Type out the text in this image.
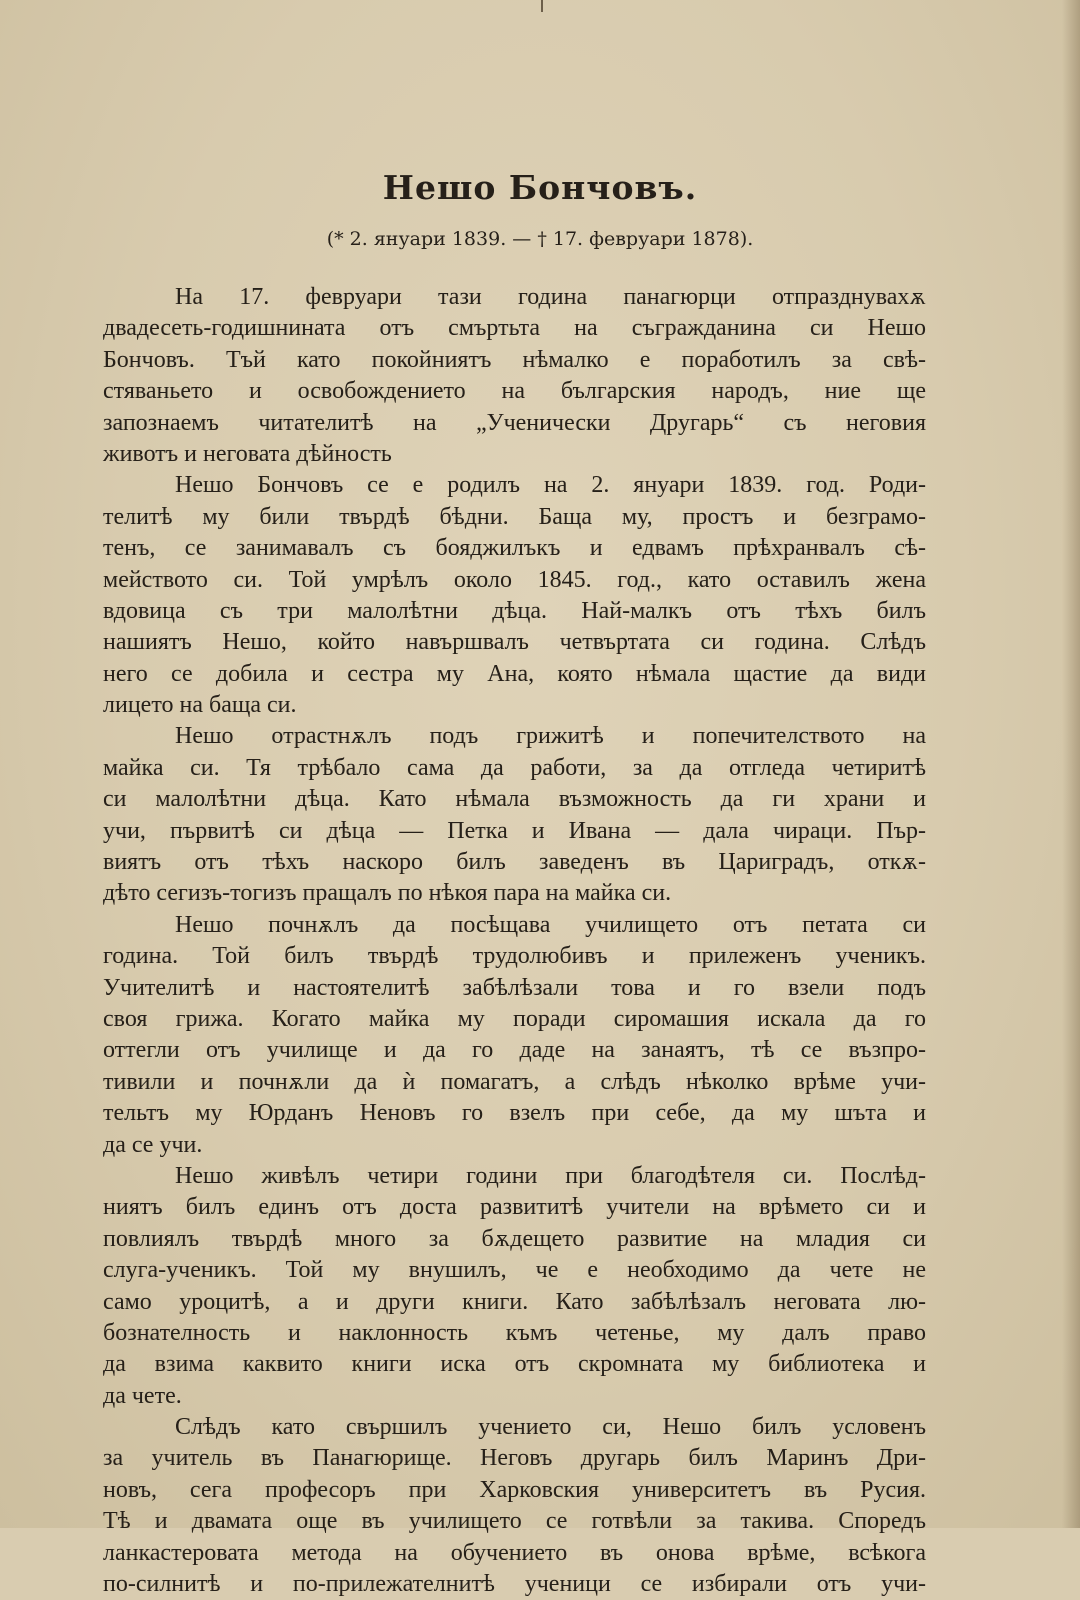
Нешо Бончовъ.

(* 2. януари 1839. — † 17. февруари 1878).

На 17. февруари тази година панагюрци отпразднувахѫ
двадесеть-годишнината отъ смъртьта на съгражданина си Нешо
Бончовъ. Тъй като покойниятъ нѣмалко е поработилъ за свѣ-
стяваньето и освобождението на българския народъ, ние ще
запознаемъ читателитѣ на „Ученически Другарь“ съ неговия
животъ и неговата дѣйность
Нешо Бончовъ се е родилъ на 2. януари 1839. год. Роди-
телитѣ му били твърдѣ бѣдни. Баща му, простъ и безграмо-
тенъ, се занимавалъ съ бояджилъкъ и едвамъ прѣхранвалъ сѣ-
мейството си. Той умрѣлъ около 1845. год., като оставилъ жена
вдовица съ три малолѣтни дѣца. Най-малкъ отъ тѣхъ билъ
нашиятъ Нешо, който навършвалъ четвъртата си година. Слѣдъ
него се добила и сестра му Ана, която нѣмала щастие да види
лицето на баща си.
Нешо отрастнѫлъ подъ грижитѣ и попечителството на
майка си. Тя трѣбало сама да работи, за да отгледа четиритѣ
си малолѣтни дѣца. Като нѣмала възможность да ги храни и
учи, първитѣ си дѣца — Петка и Ивана — дала чираци. Пър-
виятъ отъ тѣхъ наскоро билъ заведенъ въ Цариградъ, откѫ-
дѣто сегизъ-тогизъ пращалъ по нѣкоя пара на майка си.
Нешо почнѫлъ да посѣщава училището отъ петата си
година. Той билъ твърдѣ трудолюбивъ и прилеженъ ученикъ.
Учителитѣ и настоятелитѣ забѣлѣзали това и го взели подъ
своя грижа. Когато майка му поради сиромашия искала да го
оттегли отъ училище и да го даде на занаятъ, тѣ се възпро-
тивили и почнѫли да ѝ помагатъ, а слѣдъ нѣколко врѣме учи-
тельтъ му Юрданъ Неновъ го взелъ при себе, да му шъта и
да се учи.
Нешо живѣлъ четири години при благодѣтеля си. Послѣд-
ниятъ билъ единъ отъ доста развититѣ учители на врѣмето си и
повлиялъ твърдѣ много за бѫдещето развитие на младия си
слуга-ученикъ. Той му внушилъ, че е необходимо да чете не
само уроцитѣ, а и други книги. Като забѣлѣзалъ неговата лю-
бознателность и наклонность къмъ четенье, му далъ право
да взима каквито книги иска отъ скромната му библиотека и
да чете.
Слѣдъ като свършилъ учението си, Нешо билъ условенъ
за учитель въ Панагюрище. Неговъ другарь билъ Маринъ Дри-
новъ, сега професоръ при Харковския университетъ въ Русия.
Тѣ и двамата още въ училището се готвѣли за такива. Споредъ
ланкастеровата метода на обучението въ онова врѣме, всѣкога
по-силнитѣ и по-прилежателнитѣ ученици се избирали отъ учи-
